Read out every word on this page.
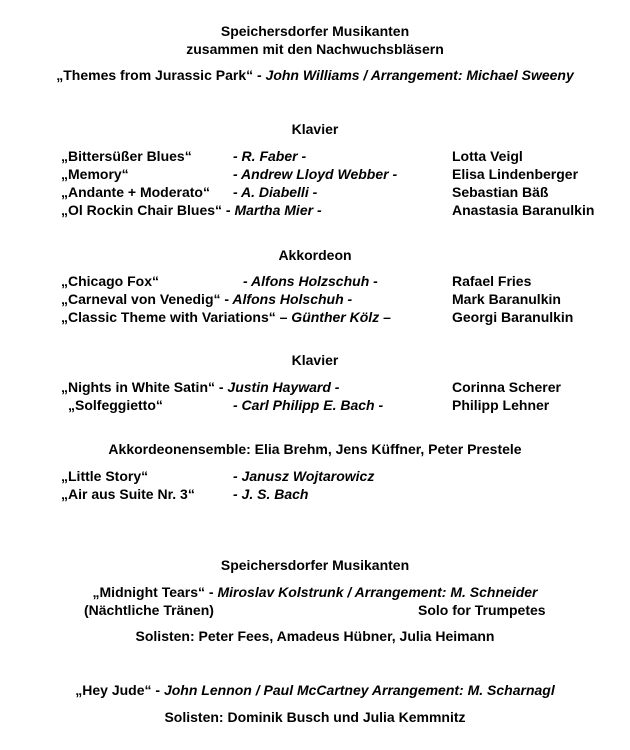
Speichersdorfer Musikanten
zusammen mit den Nachwuchsbläsern
„Themes from Jurassic Park“ - John Williams / Arrangement: Michael Sweeny
Klavier
„Bittersüßer Blues“	- R. Faber -	Lotta Veigl
„Memory“	- Andrew Lloyd Webber -	Elisa Lindenberger
„Andante + Moderato“ - A. Diabelli -	Sebastian Bäß
„Ol Rockin Chair Blues“ - Martha Mier -	Anastasia Baranulkin
Akkordeon
„Chicago Fox“	- Alfons Holzschuh -	Rafael Fries
„Carneval von Venedig“ - Alfons Holschuh -	Mark Baranulkin
„Classic Theme with Variations“ – Günther Kölz –	Georgi Baranulkin
Klavier
„Nights in White Satin“ - Justin Hayward -	Corinna Scherer
„Solfeggietto“	- Carl Philipp E. Bach -	Philipp Lehner
Akkordeonensemble: Elia Brehm, Jens Küffner, Peter Prestele
„Little Story“	- Janusz Wojtarowicz
„Air aus Suite Nr. 3“	- J. S. Bach
Speichersdorfer Musikanten
„Midnight Tears“ - Miroslav Kolstrunk / Arrangement: M. Schneider
(Nächtliche Tränen)	Solo for Trumpetes
Solisten: Peter Fees, Amadeus Hübner, Julia Heimann
„Hey Jude“ - John Lennon / Paul McCartney Arrangement: M. Scharnagl
Solisten: Dominik Busch und Julia Kemmnitz
